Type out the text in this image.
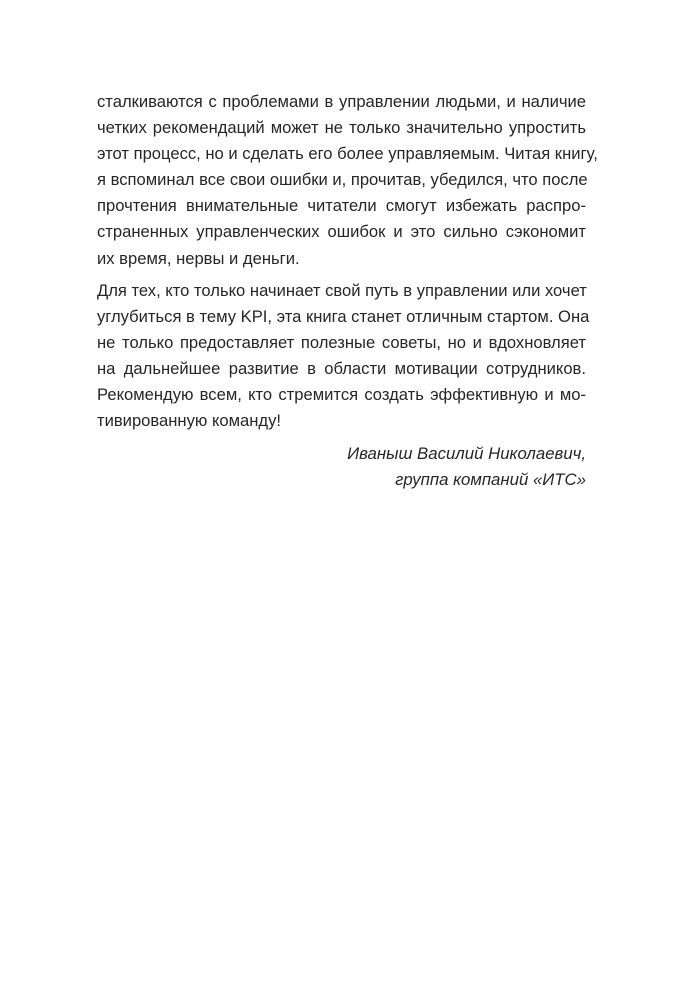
сталкиваются с проблемами в управлении людьми, и наличие
четких рекомендаций может не только значительно упростить
этот процесс, но и сделать его более управляемым. Читая книгу,
я вспоминал все свои ошибки и, прочитав, убедился, что после
прочтения внимательные читатели смогут избежать распро-
страненных управленческих ошибок и это сильно сэкономит
их время, нервы и деньги.
Для тех, кто только начинает свой путь в управлении или хочет
углубиться в тему KPI, эта книга станет отличным стартом. Она
не только предоставляет полезные советы, но и вдохновляет
на дальнейшее развитие в области мотивации сотрудников.
Рекомендую всем, кто стремится создать эффективную и мо-
тивированную команду!
Иваныш Василий Николаевич,
группа компаний «ИТС»
